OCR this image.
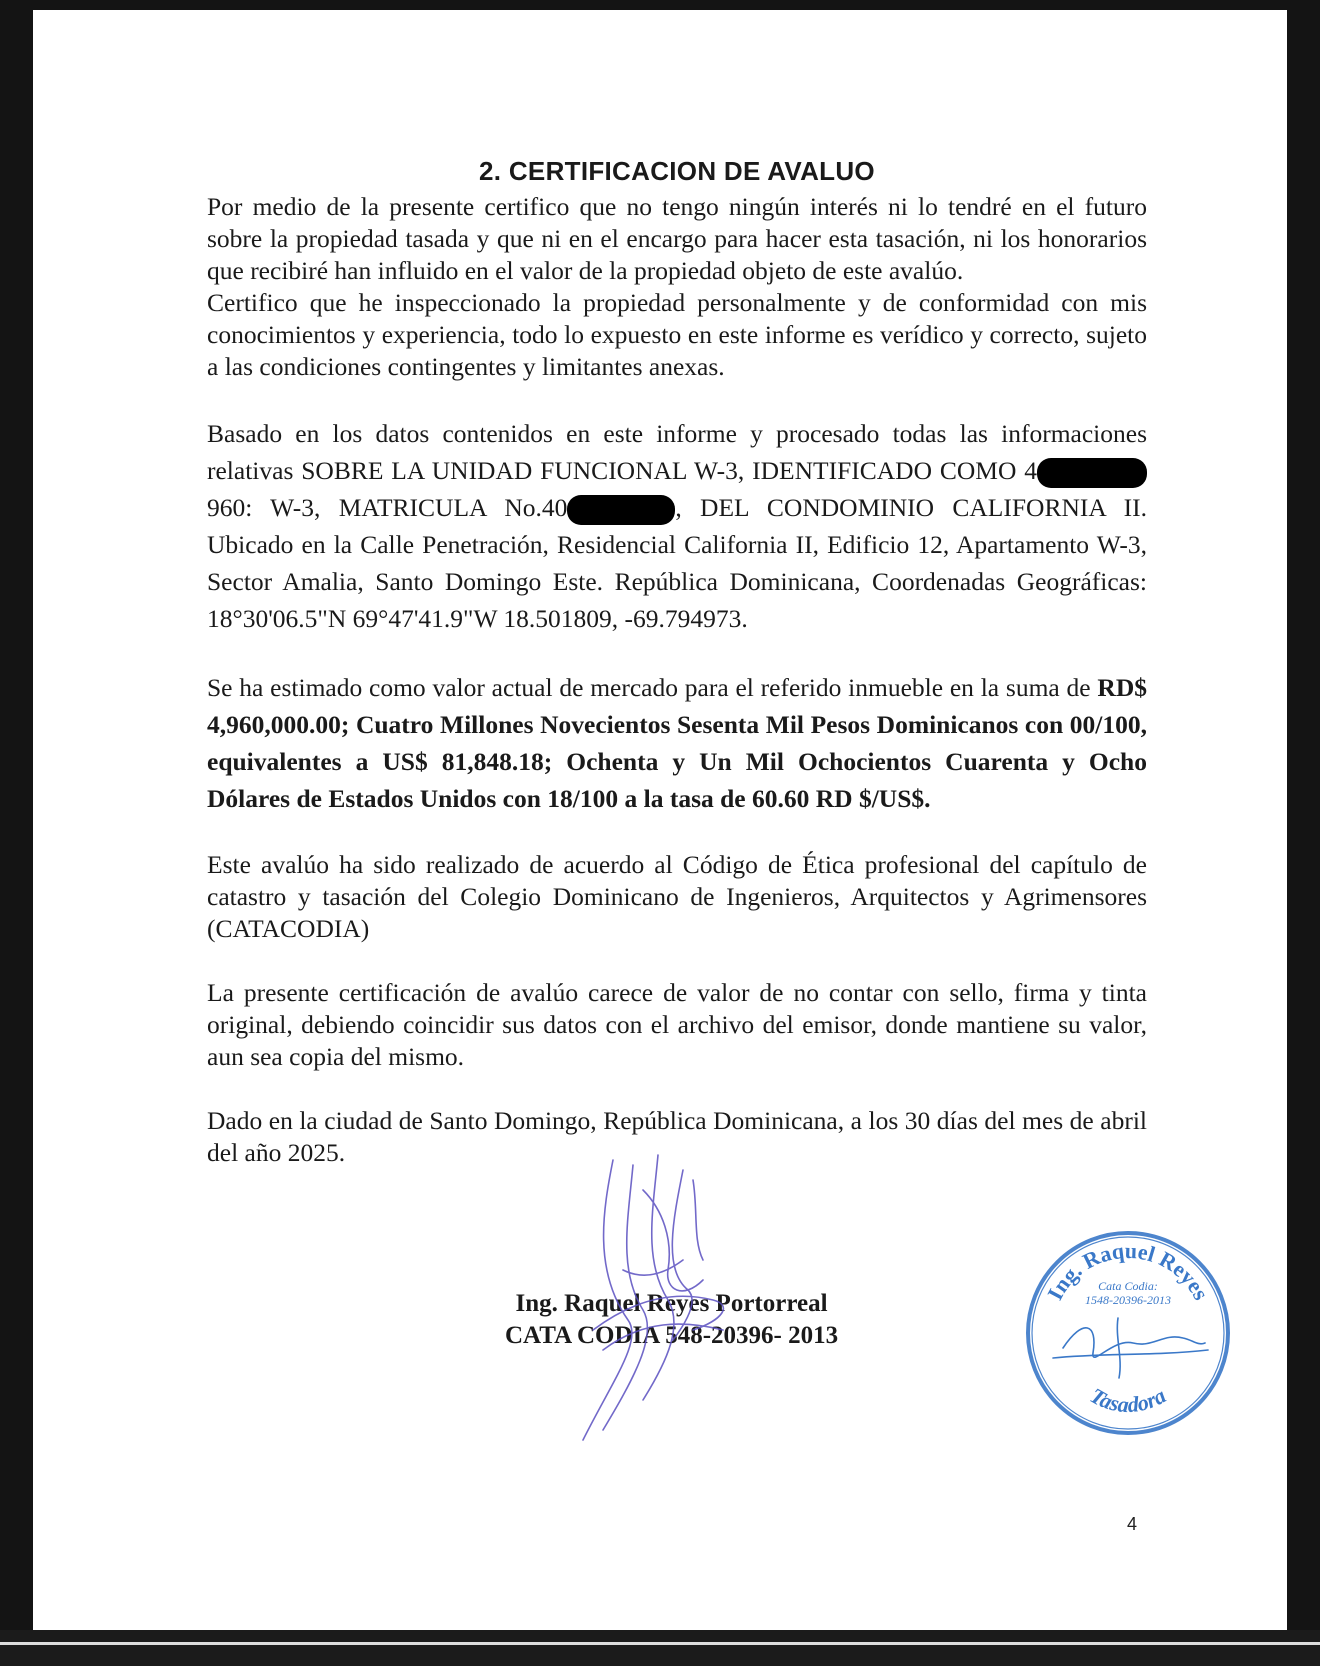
2. CERTIFICACION DE AVALUO

Por medio de la presente certifico que no tengo ningún interés ni lo tendré en el futuro sobre la propiedad tasada y que ni en el encargo para hacer esta tasación, ni los honorarios que recibiré han influido en el valor de la propiedad objeto de este avalúo.

Certifico que he inspeccionado la propiedad personalmente y de conformidad con mis conocimientos y experiencia, todo lo expuesto en este informe es verídico y correcto, sujeto a las condiciones contingentes y limitantes anexas.

Basado en los datos contenidos en este informe y procesado todas las informaciones relativas SOBRE LA UNIDAD FUNCIONAL W-3, IDENTIFICADO COMO 4960: W-3, MATRICULA No.40	, DEL CONDOMINIO CALIFORNIA II. Ubicado en la Calle Penetración, Residencial California II, Edificio 12, Apartamento W-3, Sector Amalia, Santo Domingo Este. República Dominicana, Coordenadas Geográficas: 18°30'06.5"N 69°47'41.9"W 18.501809, -69.794973.

Se ha estimado como valor actual de mercado para el referido inmueble en la suma de RD$ 4,960,000.00; Cuatro Millones Novecientos Sesenta Mil Pesos Dominicanos con 00/100, equivalentes a US$ 81,848.18; Ochenta y Un Mil Ochocientos Cuarenta y Ocho Dólares de Estados Unidos con 18/100 a la tasa de 60.60 RD $/US$.

Este avalúo ha sido realizado de acuerdo al Código de Ética profesional del capítulo de catastro y tasación del Colegio Dominicano de Ingenieros, Arquitectos y Agrimensores (CATACODIA)

La presente certificación de avalúo carece de valor de no contar con sello, firma y tinta original, debiendo coincidir sus datos con el archivo del emisor, donde mantiene su valor, aun sea copia del mismo.

Dado en la ciudad de Santo Domingo, República Dominicana, a los 30 días del mes de abril del año 2025.

Ing. Raquel Reyes Portorreal
CATA CODIA 548-20396- 2013
Ing. Raquel Reyes
Cata Codia:
1548-20396-2013
Tasadora
4
